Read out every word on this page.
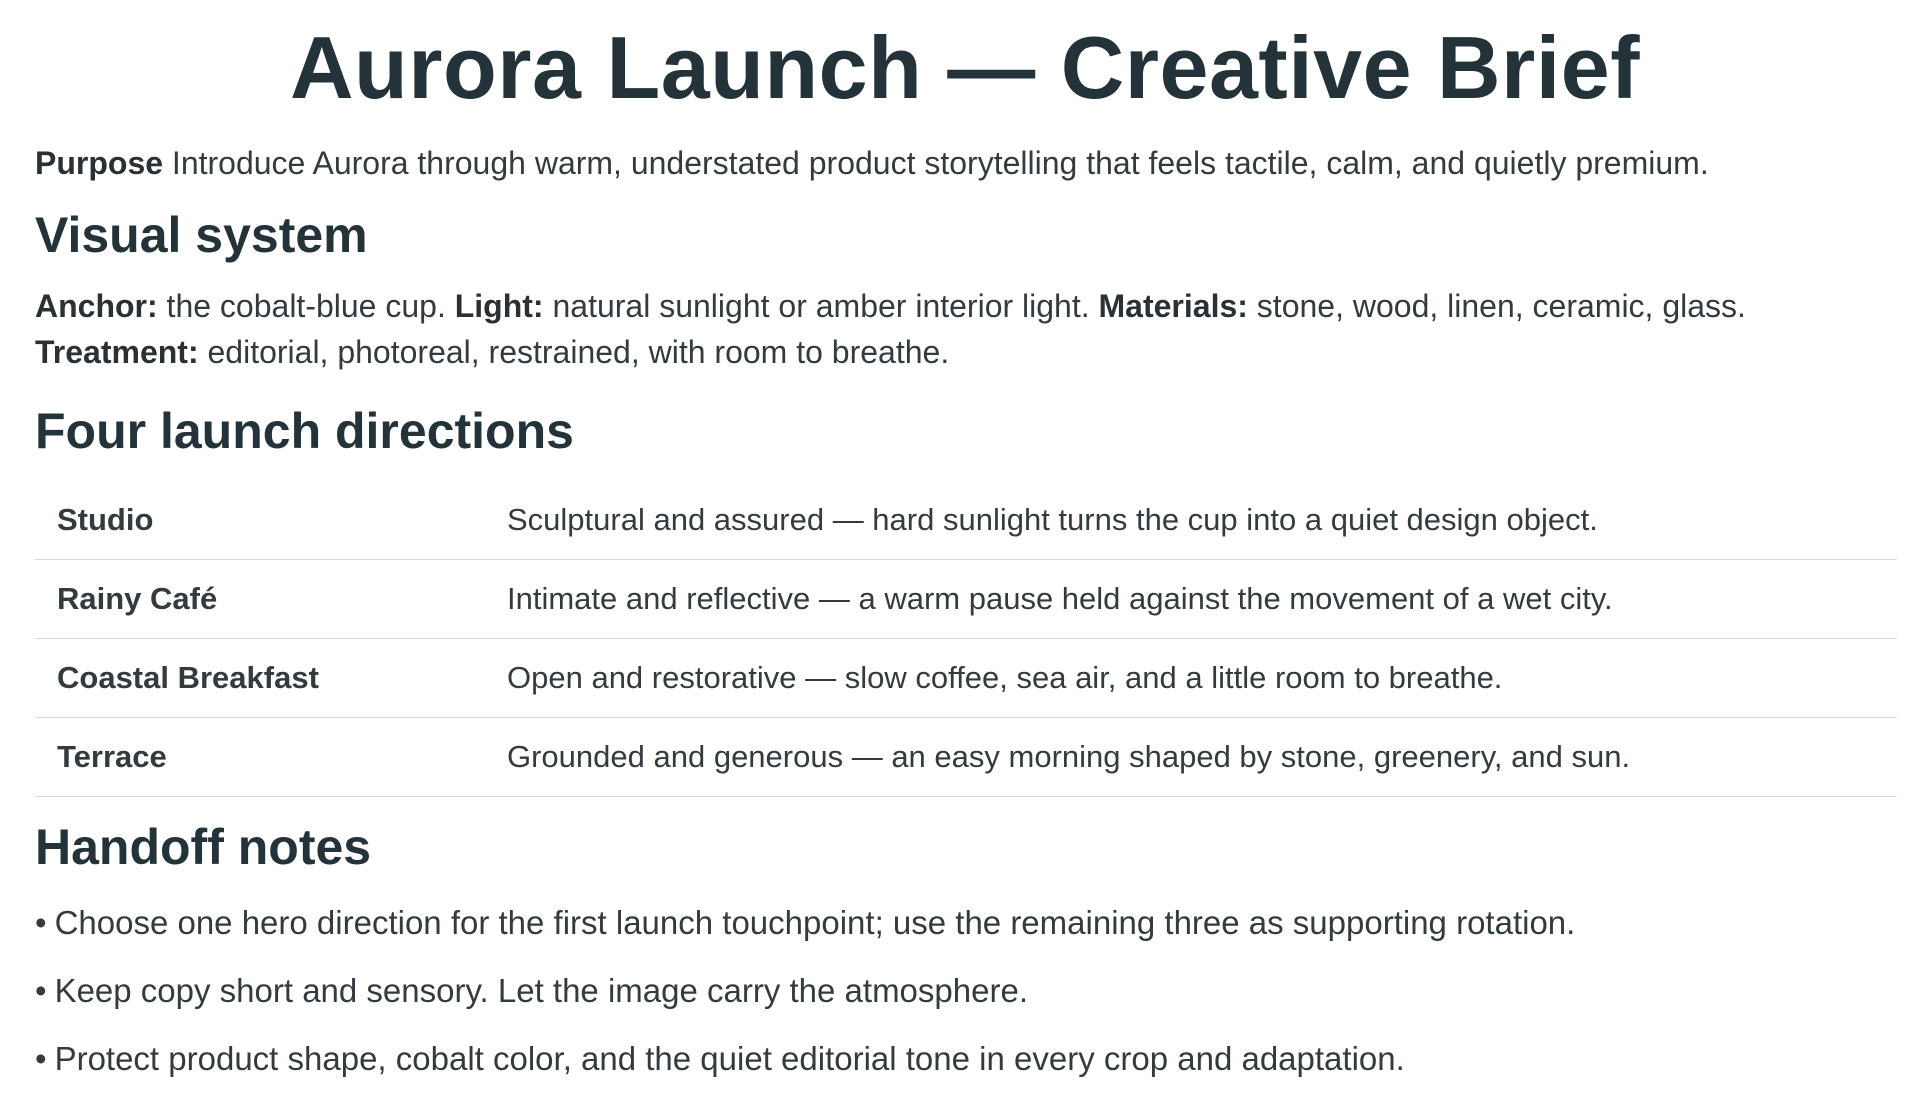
Aurora Launch — Creative Brief
Purpose Introduce Aurora through warm, understated product storytelling that feels tactile, calm, and quietly premium.
Visual system
Anchor: the cobalt-blue cup. Light: natural sunlight or amber interior light. Materials: stone, wood, linen, ceramic, glass.
Treatment: editorial, photoreal, restrained, with room to breathe.
Four launch directions
Studio	Sculptural and assured — hard sunlight turns the cup into a quiet design object.
Rainy Café	Intimate and reflective — a warm pause held against the movement of a wet city.
Coastal Breakfast	Open and restorative — slow coffee, sea air, and a little room to breathe.
Terrace	Grounded and generous — an easy morning shaped by stone, greenery, and sun.
Handoff notes
• Choose one hero direction for the first launch touchpoint; use the remaining three as supporting rotation.
• Keep copy short and sensory. Let the image carry the atmosphere.
• Protect product shape, cobalt color, and the quiet editorial tone in every crop and adaptation.
